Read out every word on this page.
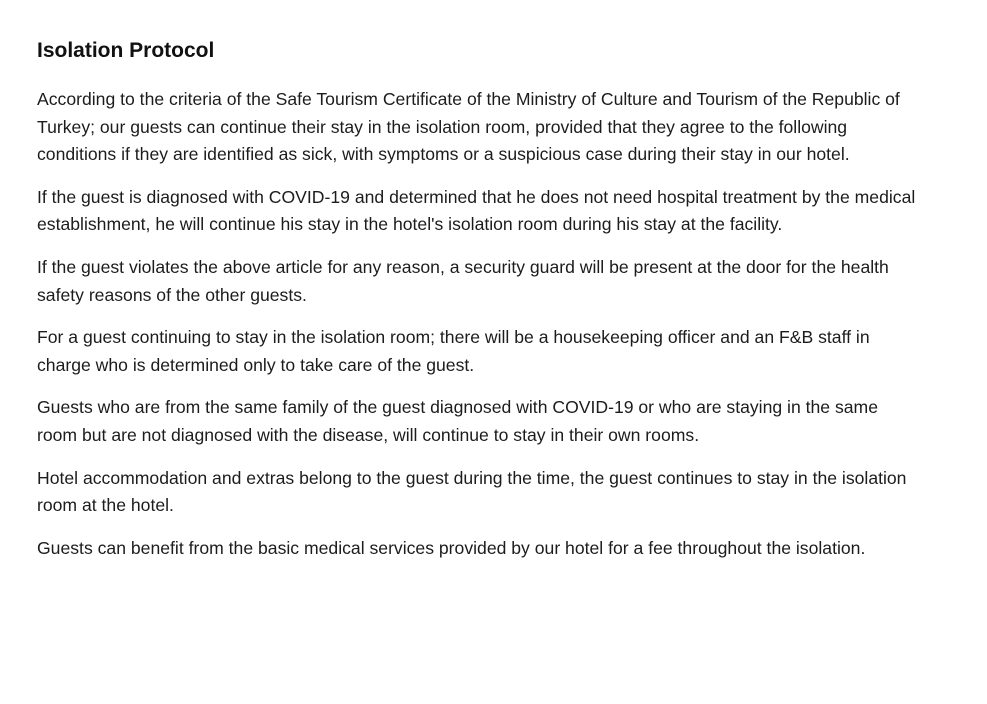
Isolation Protocol

According to the criteria of the Safe Tourism Certificate of the Ministry of Culture and Tourism of the Republic of Turkey; our guests can continue their stay in the isolation room, provided that they agree to the following conditions if they are identified as sick, with symptoms or a suspicious case during their stay in our hotel.

If the guest is diagnosed with COVID-19 and determined that he does not need hospital treatment by the medical establishment, he will continue his stay in the hotel's isolation room during his stay at the facility.

If the guest violates the above article for any reason, a security guard will be present at the door for the health safety reasons of the other guests.

For a guest continuing to stay in the isolation room; there will be a housekeeping officer and an F&B staff in charge who is determined only to take care of the guest.

Guests who are from the same family of the guest diagnosed with COVID-19 or who are staying in the same room but are not diagnosed with the disease, will continue to stay in their own rooms.

Hotel accommodation and extras belong to the guest during the time, the guest continues to stay in the isolation room at the hotel.

Guests can benefit from the basic medical services provided by our hotel for a fee throughout the isolation.
